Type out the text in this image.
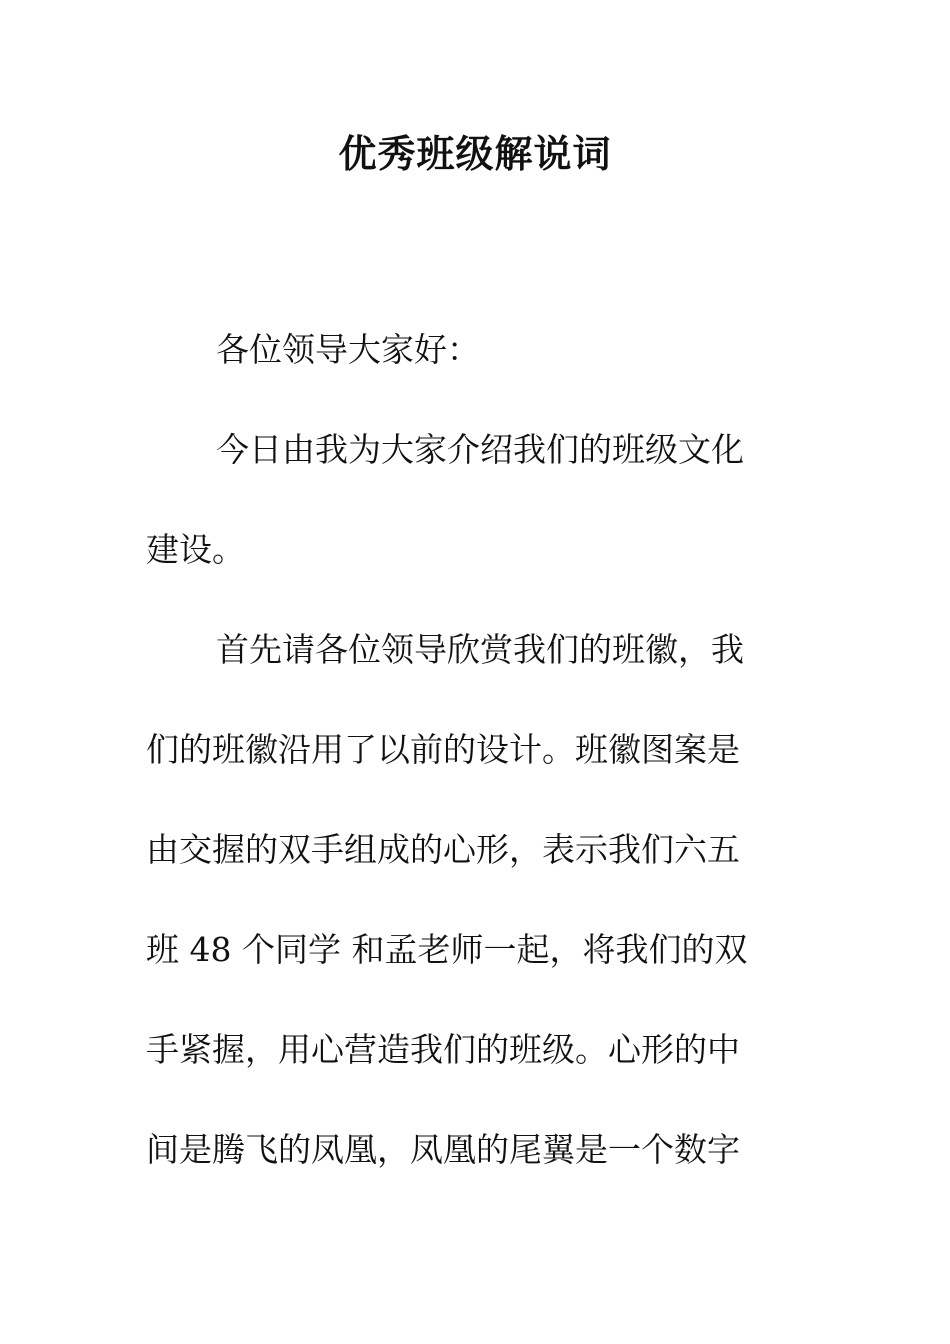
优秀班级解说词

各位领导大家好：

今日由我为大家介绍我们的班级文化
建设。

首先请各位领导欣赏我们的班徽，我
们的班徽沿用了以前的设计。班徽图案是
由交握的双手组成的心形，表示我们六五
班 48 个同学 和孟老师一起，将我们的双
手紧握，用心营造我们的班级。心形的中
间是腾飞的凤凰，凤凰的尾翼是一个数字
